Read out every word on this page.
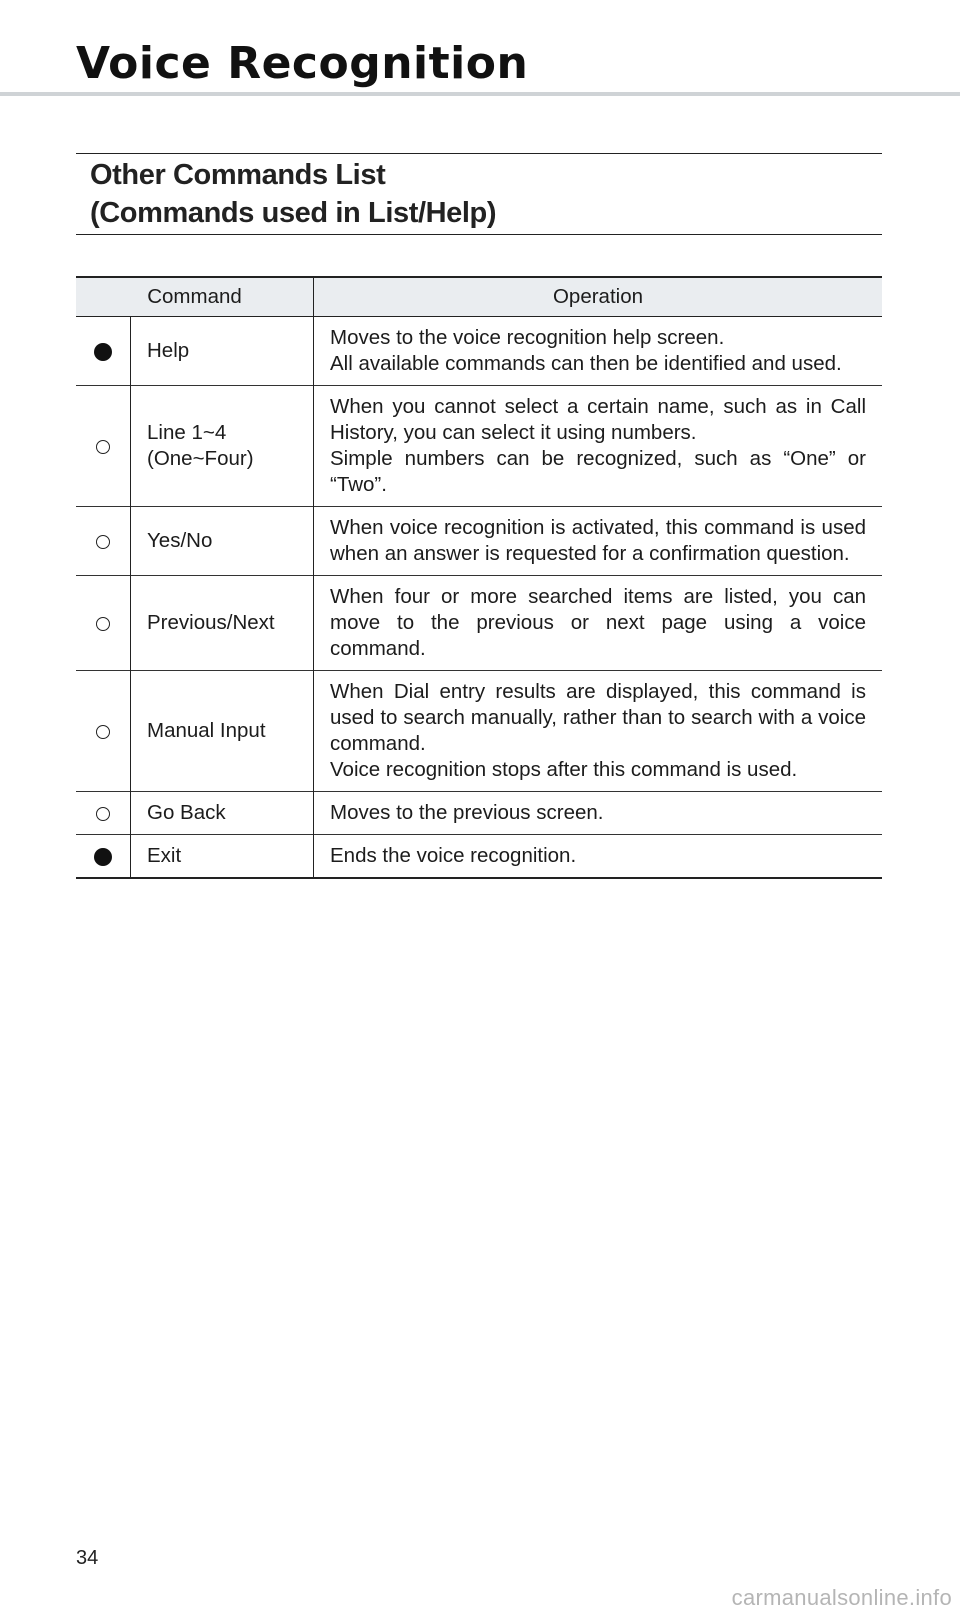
Voice Recognition
Other Commands List
(Commands used in List/Help)
Command		Operation

	Help	Moves to the voice recognition help screen.
All available commands can then be identified and used.

	Line 1~4
(One~Four)	When you cannot select a certain name, such as in Call History, you can select it using numbers.
Simple numbers can be recognized, such as “One” or “Two”.

	Yes/No	When voice recognition is activated, this command is used when an answer is requested for a confirmation question.

	Previous/Next	When four or more searched items are listed, you can move to the previous or next page using a voice command.

	Manual Input	When Dial entry results are displayed, this command is used to search manually, rather than to search with a voice command.
Voice recognition stops after this command is used.

	Go Back	Moves to the previous screen.

	Exit	Ends the voice recognition.
34
carmanualsonline.info
